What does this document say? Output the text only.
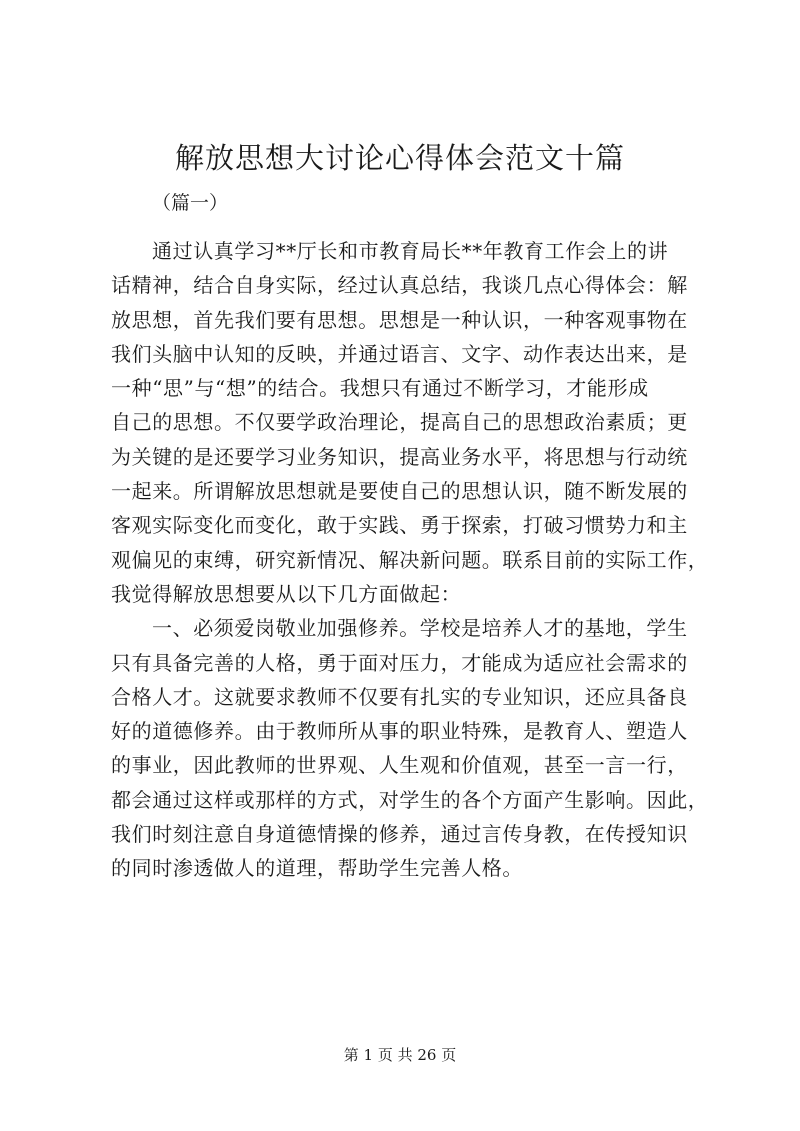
解放思想大讨论心得体会范文十篇

（篇一）

通过认真学习**厅长和市教育局长**年教育工作会上的讲
话精神，结合自身实际，经过认真总结，我谈几点心得体会：解
放思想，首先我们要有思想。思想是一种认识，一种客观事物在
我们头脑中认知的反映，并通过语言、文字、动作表达出来，是
一种“思”与“想”的结合。我想只有通过不断学习，才能形成
自己的思想。不仅要学政治理论，提高自己的思想政治素质；更
为关键的是还要学习业务知识，提高业务水平，将思想与行动统
一起来。所谓解放思想就是要使自己的思想认识，随不断发展的
客观实际变化而变化，敢于实践、勇于探索，打破习惯势力和主
观偏见的束缚，研究新情况、解决新问题。联系目前的实际工作，
我觉得解放思想要从以下几方面做起：
一、必须爱岗敬业加强修养。学校是培养人才的基地，学生
只有具备完善的人格，勇于面对压力，才能成为适应社会需求的
合格人才。这就要求教师不仅要有扎实的专业知识，还应具备良
好的道德修养。由于教师所从事的职业特殊，是教育人、塑造人
的事业，因此教师的世界观、人生观和价值观，甚至一言一行，
都会通过这样或那样的方式，对学生的各个方面产生影响。因此，
我们时刻注意自身道德情操的修养，通过言传身教，在传授知识
的同时渗透做人的道理，帮助学生完善人格。
第 1 页 共 26 页
